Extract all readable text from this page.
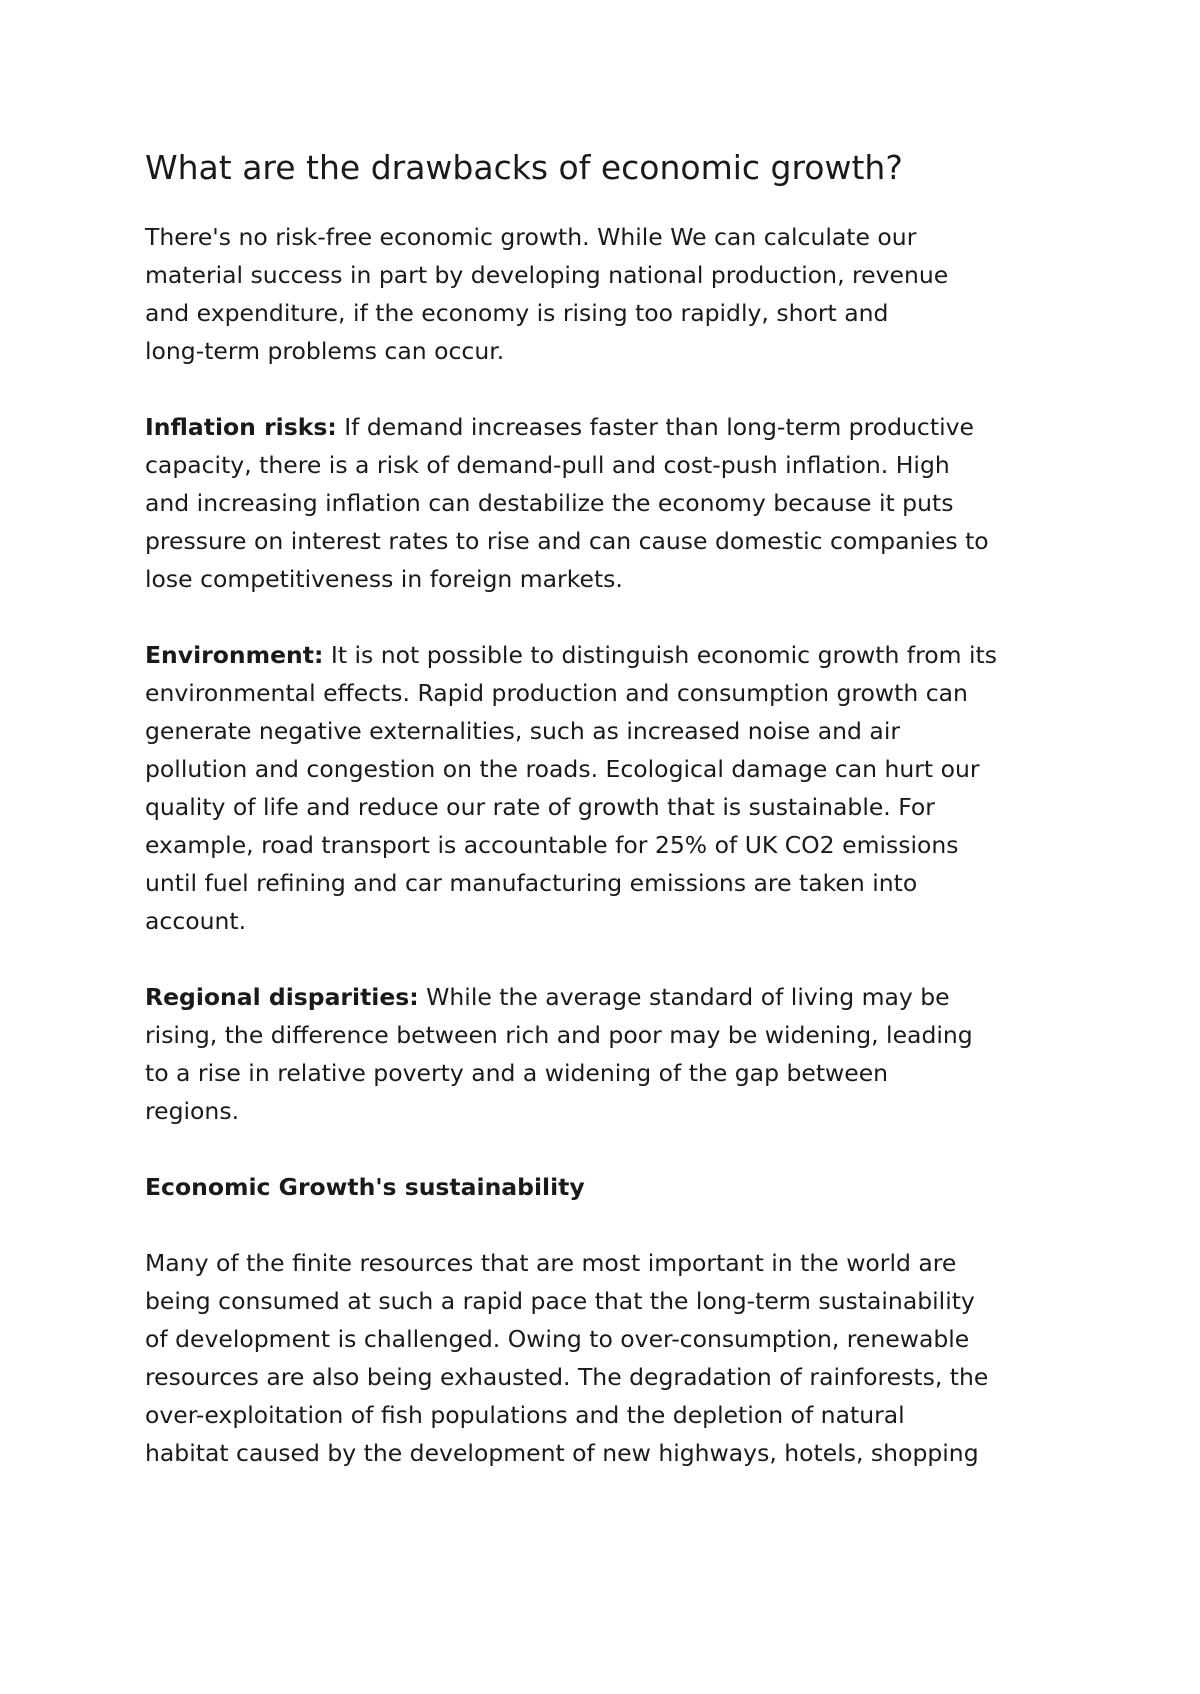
What are the drawbacks of economic growth?
There's no risk-free economic growth. While We can calculate our
material success in part by developing national production, revenue
and expenditure, if the economy is rising too rapidly, short and
long-term problems can occur.
Inflation risks: If demand increases faster than long-term productive
capacity, there is a risk of demand-pull and cost-push inflation. High
and increasing inflation can destabilize the economy because it puts
pressure on interest rates to rise and can cause domestic companies to
lose competitiveness in foreign markets.
Environment: It is not possible to distinguish economic growth from its
environmental effects. Rapid production and consumption growth can
generate negative externalities, such as increased noise and air
pollution and congestion on the roads. Ecological damage can hurt our
quality of life and reduce our rate of growth that is sustainable. For
example, road transport is accountable for 25% of UK CO2 emissions
until fuel refining and car manufacturing emissions are taken into
account.
Regional disparities: While the average standard of living may be
rising, the difference between rich and poor may be widening, leading
to a rise in relative poverty and a widening of the gap between
regions.
Economic Growth's sustainability
Many of the finite resources that are most important in the world are
being consumed at such a rapid pace that the long-term sustainability
of development is challenged. Owing to over-consumption, renewable
resources are also being exhausted. The degradation of rainforests, the
over-exploitation of fish populations and the depletion of natural
habitat caused by the development of new highways, hotels, shopping
